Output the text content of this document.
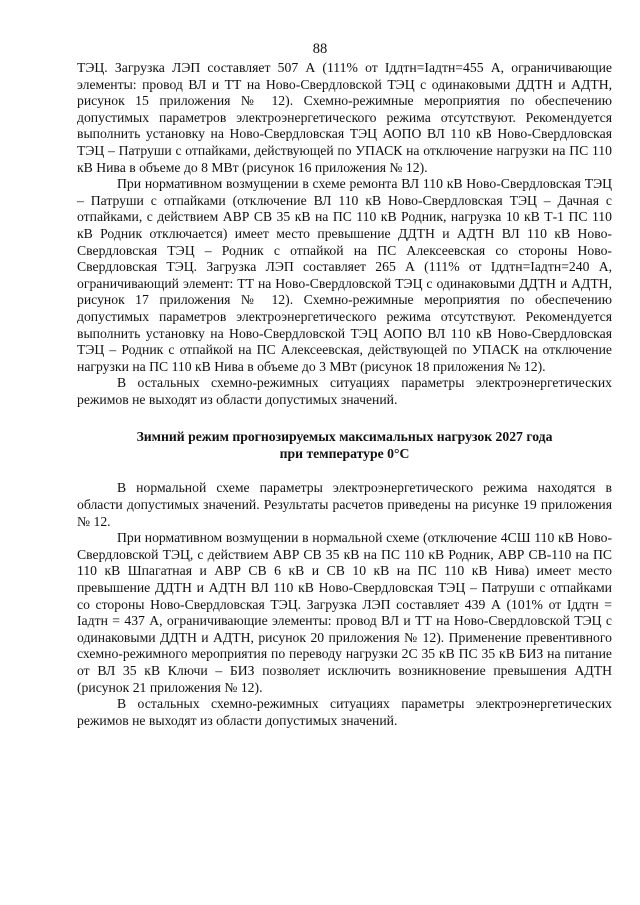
88

ТЭЦ. Загрузка ЛЭП составляет 507 А (111% от Iддтн=Iадтн=455 А, ограничивающие элементы: провод ВЛ и ТТ на Ново-Свердловской ТЭЦ с одинаковыми ДДТН и АДТН, рисунок 15 приложения № 12). Схемно-режимные мероприятия по обеспечению допустимых параметров электроэнергетического режима отсутствуют. Рекомендуется выполнить установку на Ново-Свердловская ТЭЦ АОПО ВЛ 110 кВ Ново-Свердловская ТЭЦ – Патруши с отпайками, действующей по УПАСК на отключение нагрузки на ПС 110 кВ Нива в объеме до 8 МВт (рисунок 16 приложения № 12).

При нормативном возмущении в схеме ремонта ВЛ 110 кВ Ново-Свердловская ТЭЦ – Патруши с отпайками (отключение ВЛ 110 кВ Ново-Свердловская ТЭЦ – Дачная с отпайками, с действием АВР СВ 35 кВ на ПС 110 кВ Родник, нагрузка 10 кВ Т-1 ПС 110 кВ Родник отключается) имеет место превышение ДДТН и АДТН ВЛ 110 кВ Ново-Свердловская ТЭЦ – Родник с отпайкой на ПС Алексеевская со стороны Ново-Свердловская ТЭЦ. Загрузка ЛЭП составляет 265 А (111% от Iддтн=Iадтн=240 А, ограничивающий элемент: ТТ на Ново-Свердловской ТЭЦ с одинаковыми ДДТН и АДТН, рисунок 17 приложения № 12). Схемно-режимные мероприятия по обеспечению допустимых параметров электроэнергетического режима отсутствуют. Рекомендуется выполнить установку на Ново-Свердловской ТЭЦ АОПО ВЛ 110 кВ Ново-Свердловская ТЭЦ – Родник с отпайкой на ПС Алексеевская, действующей по УПАСК на отключение нагрузки на ПС 110 кВ Нива в объеме до 3 МВт (рисунок 18 приложения № 12).

В остальных схемно-режимных ситуациях параметры электроэнергетических режимов не выходят из области допустимых значений.

Зимний режим прогнозируемых максимальных нагрузок 2027 года
при температуре 0°С

В нормальной схеме параметры электроэнергетического режима находятся в области допустимых значений. Результаты расчетов приведены на рисунке 19 приложения № 12.

При нормативном возмущении в нормальной схеме (отключение 4СШ 110 кВ Ново-Свердловской ТЭЦ, с действием АВР СВ 35 кВ на ПС 110 кВ Родник, АВР СВ-110 на ПС 110 кВ Шпагатная и АВР СВ 6 кВ и СВ 10 кВ на ПС 110 кВ Нива) имеет место превышение ДДТН и АДТН ВЛ 110 кВ Ново-Свердловская ТЭЦ – Патруши с отпайками со стороны Ново-Свердловская ТЭЦ. Загрузка ЛЭП составляет 439 А (101% от Iддтн = Iадтн = 437 А, ограничивающие элементы: провод ВЛ и ТТ на Ново-Свердловской ТЭЦ с одинаковыми ДДТН и АДТН, рисунок 20 приложения № 12). Применение превентивного схемно-режимного мероприятия по переводу нагрузки 2С 35 кВ ПС 35 кВ БИЗ на питание от ВЛ 35 кВ Ключи – БИЗ позволяет исключить возникновение превышения АДТН (рисунок 21 приложения № 12).

В остальных схемно-режимных ситуациях параметры электроэнергетических режимов не выходят из области допустимых значений.
